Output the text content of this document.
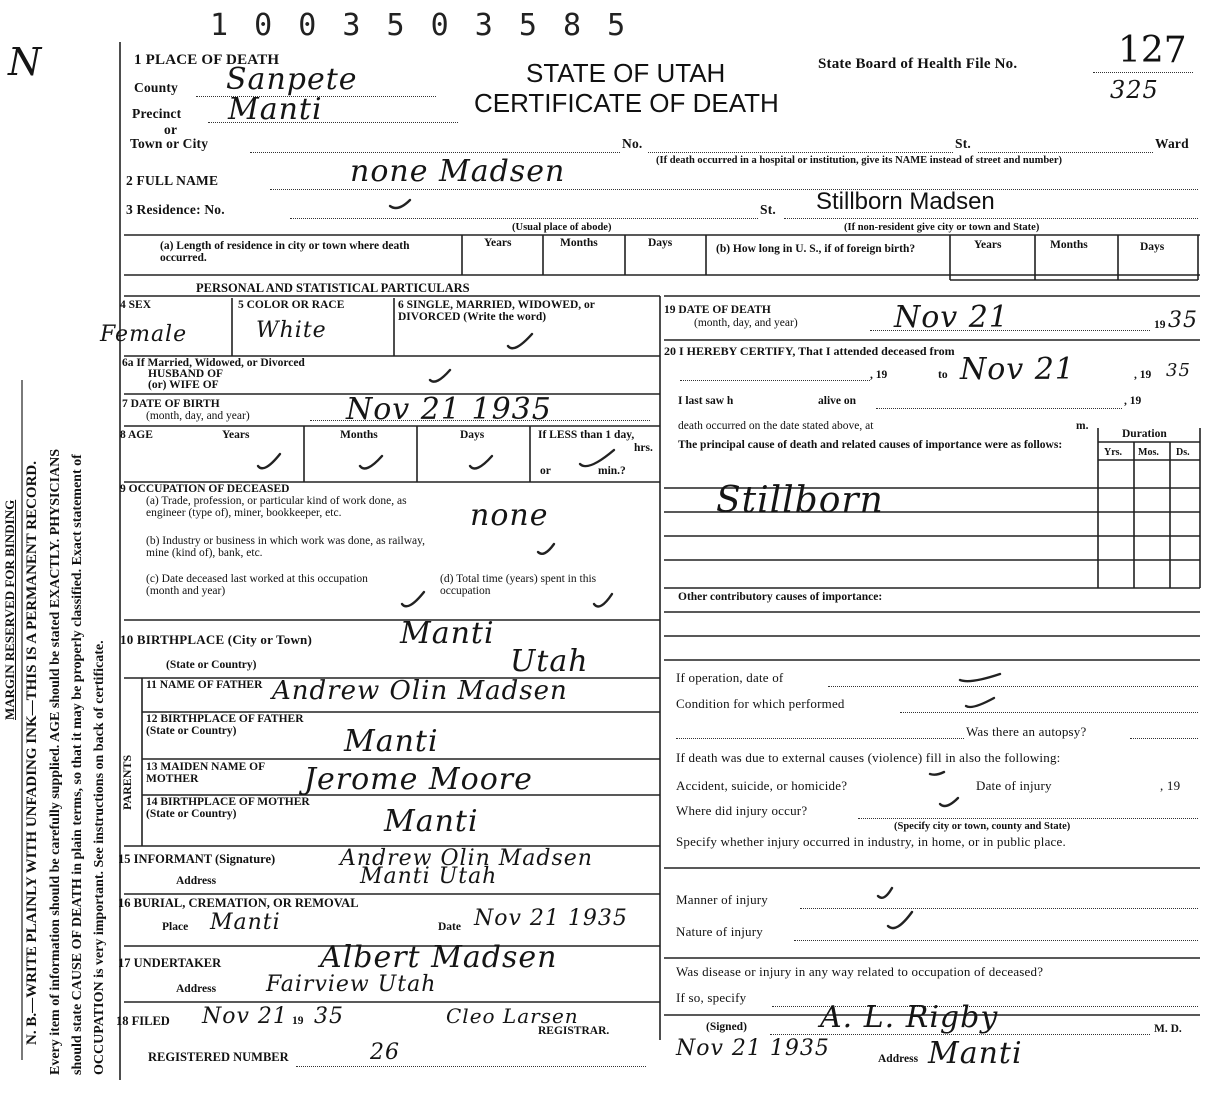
1 0 0 3 5 0 3 5 8 5
N
N. B.—WRITE PLAINLY WITH UNFADING INK—THIS IS A PERMANENT RECORD. Every item of information should be carefully supplied. AGE should be stated EXACTLY. PHYSICIANS should state CAUSE OF DEATH in plain terms, so that it may be properly classified. Exact statement of OCCUPATION is very important. See instructions on back of certificate.
MARGIN RESERVED FOR BINDING
1 PLACE OF DEATH	STATE OF UTAH
CERTIFICATE OF DEATH
State Board of Health File No.	127
325
County Sanpete
Precinct Manti
or
Town or City	No.	St.	Ward
(If death occurred in a hospital or institution, give its NAME instead of street and number)
2 FULL NAME	none Madsen
3 Residence: No.	St. Stillborn Madsen
(Usual place of abode)	(If non-resident give city or town and State)
(a) Length of residence in city or town where death occurred.
Years	Months	Days	(b) How long in U. S., if of foreign birth?	Years	Months	Days
PERSONAL AND STATISTICAL PARTICULARS
4 SEX
Female
5 COLOR OR RACE
White
6 SINGLE, MARRIED, WIDOWED, or DIVORCED (Write the word)
6a If Married, Widowed, or Divorced
HUSBAND OF
(or) WIFE OF
7 DATE OF BIRTH
(month, day, and year)	Nov 21 1935
8 AGE	Years	Months	Days	If LESS than 1 day,
hrs.
or	min.?
9 OCCUPATION OF DECEASED
(a) Trade, profession, or particular kind of work done, as engineer (type of), miner, bookkeeper, etc.	none
(b) Industry or business in which work was done, as railway, mine (kind of), bank, etc.
(c) Date deceased last worked at this occupation (month and year)
(d) Total time (years) spent in this occupation
10 BIRTHPLACE (City or Town)	Manti
(State or Country)	Utah
PARENTS
11 NAME OF FATHER Andrew Olin Madsen
12 BIRTHPLACE OF FATHER (State or Country)	Manti
13 MAIDEN NAME OF MOTHER	Jerome Moore
14 BIRTHPLACE OF MOTHER (State or Country)	Manti
15 INFORMANT (Signature)	Andrew Olin Madsen
Address	Manti Utah
16 BURIAL, CREMATION, OR REMOVAL
Place Manti	Date Nov 21 1935
17 UNDERTAKER	Albert Madsen
Address Fairview Utah
18 FILED Nov 21 19 35	Cleo Larsen
REGISTRAR.
REGISTERED NUMBER	26
19 DATE OF DEATH
(month, day, and year)	Nov 21	19 35
20 I HEREBY CERTIFY, That I attended deceased from
, 19	to Nov 21	, 19 35
I last saw h	alive on	, 19
death occurred on the date stated above, at	m.
The principal cause of death and related causes of importance were as follows:
Duration
Yrs. Mos. Ds.
Stillborn
Other contributory causes of importance:
If operation, date of
Condition for which performed
Was there an autopsy?
If death was due to external causes (violence) fill in also the following:
Accident, suicide, or homicide?	Date of injury	, 19
Where did injury occur?
(Specify city or town, county and State)
Specify whether injury occurred in industry, in home, or in public place.
Manner of injury
Nature of injury
Was disease or injury in any way related to occupation of deceased?
If so, specify
(Signed) A. L. Rigby	M. D.
Nov 21 1935	Address Manti
